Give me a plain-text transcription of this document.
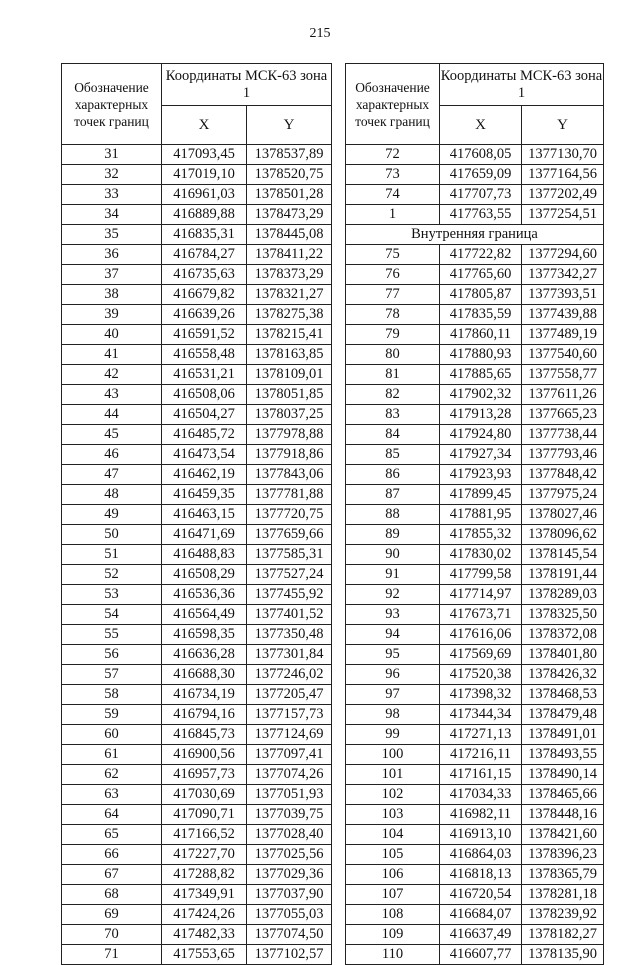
215
Обозначение характерных точек границ	Координаты МСК-63 зона 1	
	X	Y
31	417093,45	1378537,89
32	417019,10	1378520,75
33	416961,03	1378501,28
34	416889,88	1378473,29
35	416835,31	1378445,08
36	416784,27	1378411,22
37	416735,63	1378373,29
38	416679,82	1378321,27
39	416639,26	1378275,38
40	416591,52	1378215,41
41	416558,48	1378163,85
42	416531,21	1378109,01
43	416508,06	1378051,85
44	416504,27	1378037,25
45	416485,72	1377978,88
46	416473,54	1377918,86
47	416462,19	1377843,06
48	416459,35	1377781,88
49	416463,15	1377720,75
50	416471,69	1377659,66
51	416488,83	1377585,31
52	416508,29	1377527,24
53	416536,36	1377455,92
54	416564,49	1377401,52
55	416598,35	1377350,48
56	416636,28	1377301,84
57	416688,30	1377246,02
58	416734,19	1377205,47
59	416794,16	1377157,73
60	416845,73	1377124,69
61	416900,56	1377097,41
62	416957,73	1377074,26
63	417030,69	1377051,93
64	417090,71	1377039,75
65	417166,52	1377028,40
66	417227,70	1377025,56
67	417288,82	1377029,36
68	417349,91	1377037,90
69	417424,26	1377055,03
70	417482,33	1377074,50
71	417553,65	1377102,57
Обозначение характерных точек границ	Координаты МСК-63 зона 1	
	X	Y
72	417608,05	1377130,70
73	417659,09	1377164,56
74	417707,73	1377202,49
1	417763,55	1377254,51
Внутренняя граница		
75	417722,82	1377294,60
76	417765,60	1377342,27
77	417805,87	1377393,51
78	417835,59	1377439,88
79	417860,11	1377489,19
80	417880,93	1377540,60
81	417885,65	1377558,77
82	417902,32	1377611,26
83	417913,28	1377665,23
84	417924,80	1377738,44
85	417927,34	1377793,46
86	417923,93	1377848,42
87	417899,45	1377975,24
88	417881,95	1378027,46
89	417855,32	1378096,62
90	417830,02	1378145,54
91	417799,58	1378191,44
92	417714,97	1378289,03
93	417673,71	1378325,50
94	417616,06	1378372,08
95	417569,69	1378401,80
96	417520,38	1378426,32
97	417398,32	1378468,53
98	417344,34	1378479,48
99	417271,13	1378491,01
100	417216,11	1378493,55
101	417161,15	1378490,14
102	417034,33	1378465,66
103	416982,11	1378448,16
104	416913,10	1378421,60
105	416864,03	1378396,23
106	416818,13	1378365,79
107	416720,54	1378281,18
108	416684,07	1378239,92
109	416637,49	1378182,27
110	416607,77	1378135,90
